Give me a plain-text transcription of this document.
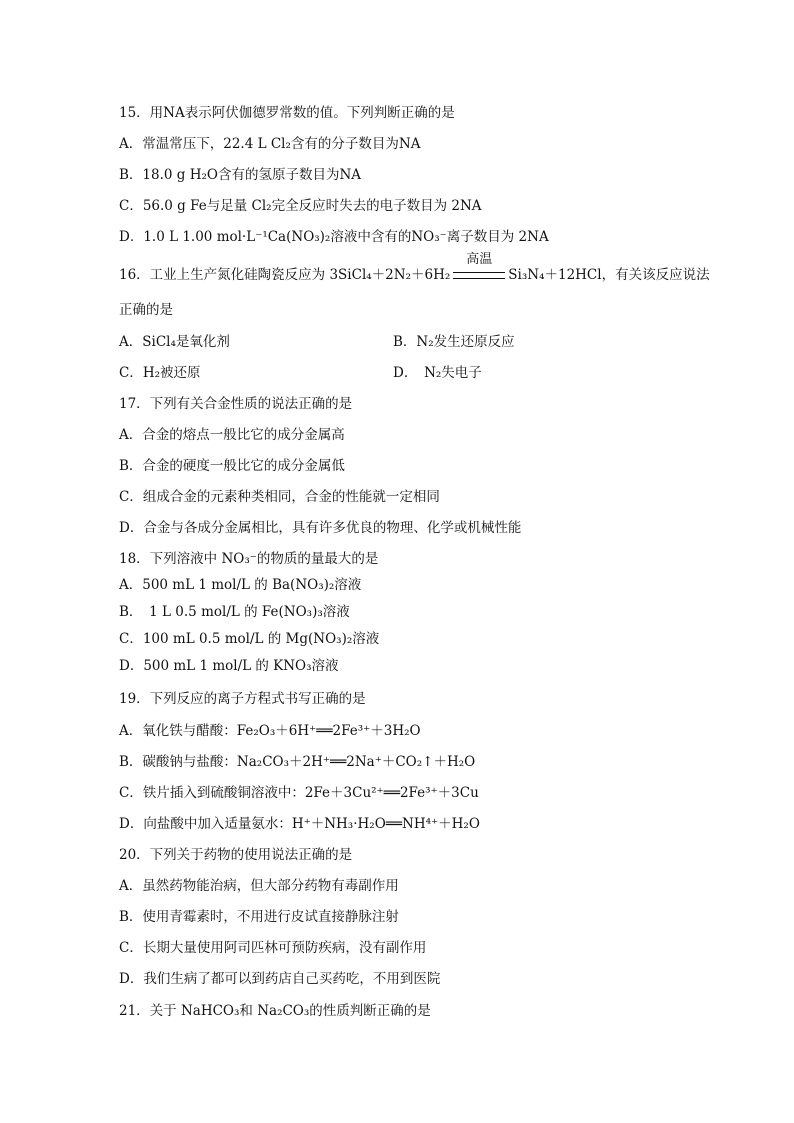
15．用NA表示阿伏伽德罗常数的值。下列判断正确的是
A．常温常压下，22.4 L Cl₂含有的分子数目为NA
B．18.0 g H₂O含有的氢原子数目为NA
C．56.0 g Fe与足量 Cl₂完全反应时失去的电子数目为 2NA
D．1.0 L 1.00 mol·L⁻¹Ca(NO₃)₂溶液中含有的NO₃⁻离子数目为 2NA
16．工业上生产氮化硅陶瓷反应为 3SiCl₄＋2N₂＋6H₂
高温
Si₃N₄＋12HCl，有关该反应说法
正确的是
A．SiCl₄是氧化剂	B．N₂发生还原反应
C．H₂被还原	D．　N₂失电子
17．下列有关合金性质的说法正确的是
A．合金的熔点一般比它的成分金属高
B．合金的硬度一般比它的成分金属低
C．组成合金的元素种类相同，合金的性能就一定相同
D．合金与各成分金属相比，具有许多优良的物理、化学或机械性能
18．下列溶液中 NO₃⁻的物质的量最大的是
A．500 mL 1 mol/L 的 Ba(NO₃)₂溶液
B．　1 L 0.5 mol/L 的 Fe(NO₃)₃溶液
C．100 mL 0.5 mol/L 的 Mg(NO₃)₂溶液
D．500 mL 1 mol/L 的 KNO₃溶液
19．下列反应的离子方程式书写正确的是
A．氧化铁与醋酸：Fe₂O₃＋6H⁺══2Fe³⁺＋3H₂O
B．碳酸钠与盐酸：Na₂CO₃＋2H⁺══2Na⁺＋CO₂↑＋H₂O
C．铁片插入到硫酸铜溶液中：2Fe＋3Cu²⁺══2Fe³⁺＋3Cu
D．向盐酸中加入适量氨水：H⁺＋NH₃·H₂O══NH⁴⁺＋H₂O
20．下列关于药物的使用说法正确的是
A．虽然药物能治病，但大部分药物有毒副作用
B．使用青霉素时，不用进行皮试直接静脉注射
C．长期大量使用阿司匹林可预防疾病，没有副作用
D．我们生病了都可以到药店自己买药吃，不用到医院
21．关于 NaHCO₃和 Na₂CO₃的性质判断正确的是
